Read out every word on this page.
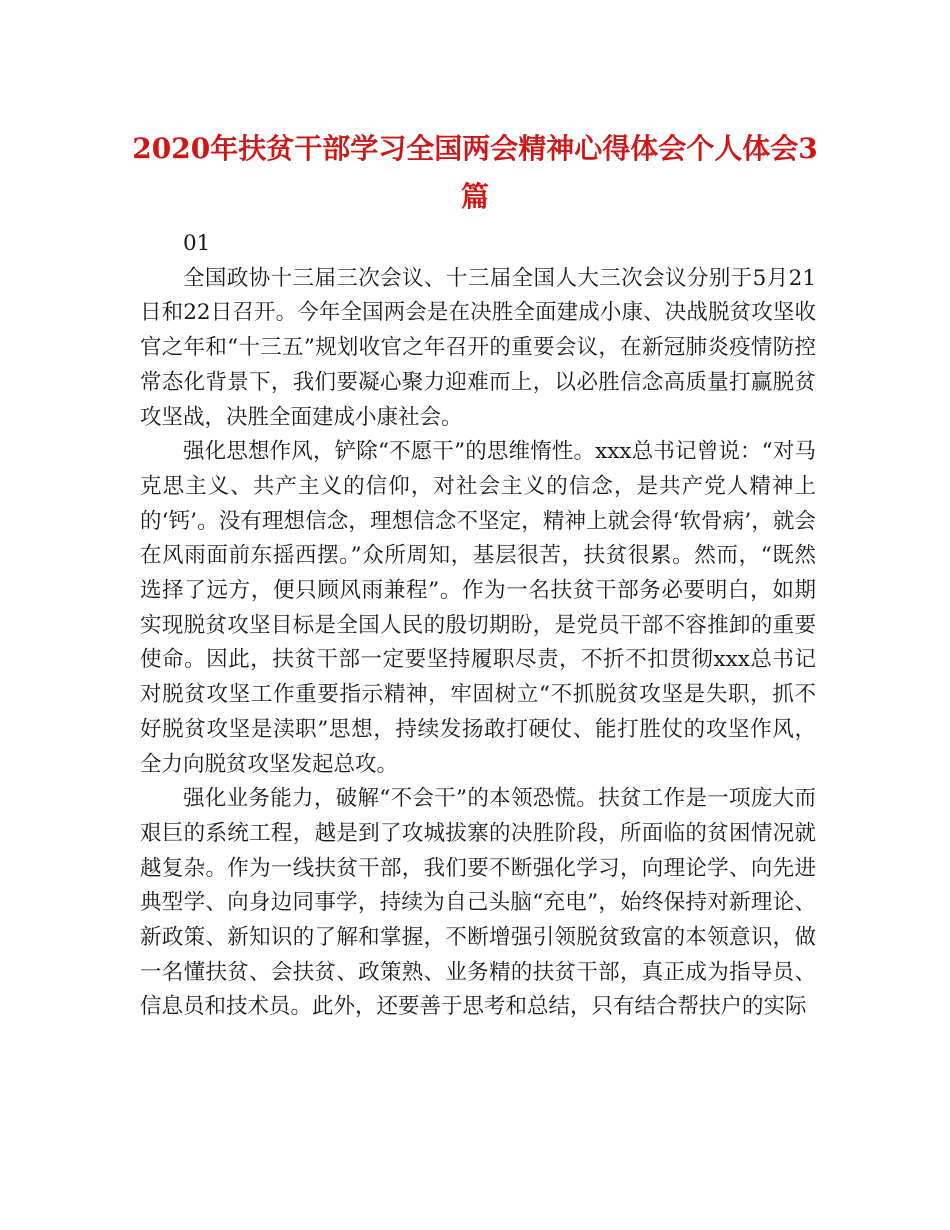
2020年扶贫干部学习全国两会精神心得体会个人体会3篇

01

全国政协十三届三次会议、十三届全国人大三次会议分别于5月21日和22日召开。今年全国两会是在决胜全面建成小康、决战脱贫攻坚收官之年和“十三五”规划收官之年召开的重要会议，在新冠肺炎疫情防控常态化背景下，我们要凝心聚力迎难而上，以必胜信念高质量打赢脱贫攻坚战，决胜全面建成小康社会。

强化思想作风，铲除“不愿干”的思维惰性。xxx总书记曾说：“对马克思主义、共产主义的信仰，对社会主义的信念，是共产党人精神上的‘钙’。没有理想信念，理想信念不坚定，精神上就会得‘软骨病’，就会在风雨面前东摇西摆。”众所周知，基层很苦，扶贫很累。然而，“既然选择了远方，便只顾风雨兼程”。作为一名扶贫干部务必要明白，如期实现脱贫攻坚目标是全国人民的殷切期盼，是党员干部不容推卸的重要使命。因此，扶贫干部一定要坚持履职尽责，不折不扣贯彻xxx总书记对脱贫攻坚工作重要指示精神，牢固树立“不抓脱贫攻坚是失职，抓不好脱贫攻坚是渎职”思想，持续发扬敢打硬仗、能打胜仗的攻坚作风，全力向脱贫攻坚发起总攻。

强化业务能力，破解“不会干”的本领恐慌。扶贫工作是一项庞大而艰巨的系统工程，越是到了攻城拔寨的决胜阶段，所面临的贫困情况就越复杂。作为一线扶贫干部，我们要不断强化学习，向理论学、向先进典型学、向身边同事学，持续为自己头脑“充电”，始终保持对新理论、新政策、新知识的了解和掌握，不断增强引领脱贫致富的本领意识，做一名懂扶贫、会扶贫、政策熟、业务精的扶贫干部，真正成为指导员、信息员和技术员。此外，还要善于思考和总结，只有结合帮扶户的实际
